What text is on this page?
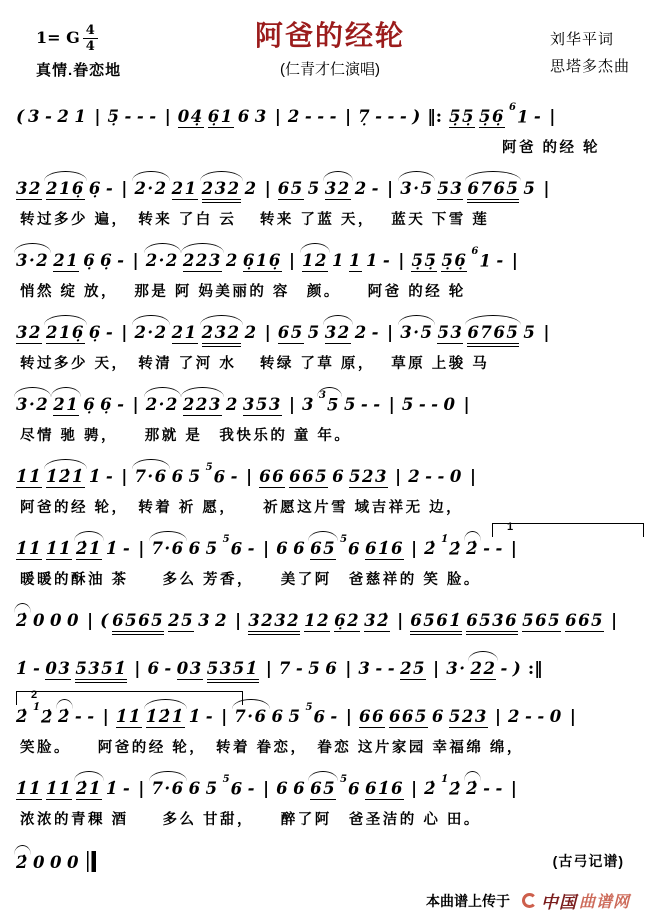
1= G $\frac{4}{4}$
真情.眷恋地
阿爸的经轮
(仁青才仁演唱)
刘华平词
思塔多杰曲
( 3 - 2 1 | 5̣ - - - | 04̣ 6̣1 6 3 | 2 - - - | 7̣ - - - ) ‖: 5̣5̣ 5̣6̣ $^6$1 - |
阿爸 的经 轮
32 216̣ 6̣ - | 2·2 21 232 2 | 65 5 32 2 - | 3·5 53 6765 5 |
转过多少 遍，　转来 了白 云　 转来 了蓝 天，　 蓝天 下雪 莲
3·2 21 6̣ 6̣ - | 2·2 223 2 6̣16̣ | 12 1 1 1 - | 5̣5̣ 5̣6̣ $^6$1 - |
悄然 绽 放，　 那是 阿 妈美丽的 容　颜。　　阿爸 的经 轮
32 216̣ 6̣ - | 2·2 21 232 2 | 65 5 32 2 - | 3·5 53 6765 5 |
转过多少 天，　转清 了河 水　 转绿 了草 原，　 草原 上骏 马
3·2 21 6̣ 6̣ - | 2·2 223 2 353 | 3 $^3$5 5 - - | 5 - - 0 |
尽情 驰 骋，　　那就 是　我快乐的 童 年。
1̇1̇ 1̇2̇1̇ 1̇ - | 7·6 6 5 $^5$6 - | 66 665 6 523 | 2 - - 0 |
阿爸的经 轮，　转着 祈 愿，　　祈愿这片雪 域吉祥无 边，
1
1̇1̇ 1̇1̇ 2̇1̇ 1̇ - | 7·6 6 5 $^5$6 - | 6 6 65 $^5$6 61̇6 | 2̇ $^{1̇}$2̇ 2̇ - - |
暖暖的酥油 茶　　多么 芳香，　　美了阿　爸慈祥的 笑 脸。
2̇ 0 0 0 | ( 6565 25 3 2 | 3232 12 6̣2 32̇ | 6561̇ 6536 565 665 |
1̇ - 03 5351̇ | 6 - 03 5351̇ | 7 - 5 6 | 3 - - 25 | 3· 22 - ) :‖
2
2̇ $^{1̇}$2̇ 2̇ - - | 1̇1̇ 1̇2̇1̇ 1̇ - | 7·6 6 5 $^5$6 - | 66 665 6 523 | 2 - - 0 |
笑脸。　　阿爸的经 轮，　转着 眷恋，　眷恋 这片家园 幸福绵 绵，
1̇1̇ 1̇1̇ 2̇1̇ 1̇ - | 7·6 6 5 $^5$6 - | 6 6 65 $^5$6 61̇6 | 2̇ $^{1̇}$2̇ 2̇ - - |
浓浓的青稞 酒　　多么 甘甜，　　醉了阿　爸圣洁的 心 田。
2̇ 0 0 0	(古弓记谱)
本曲谱上传于 中国 曲谱网
